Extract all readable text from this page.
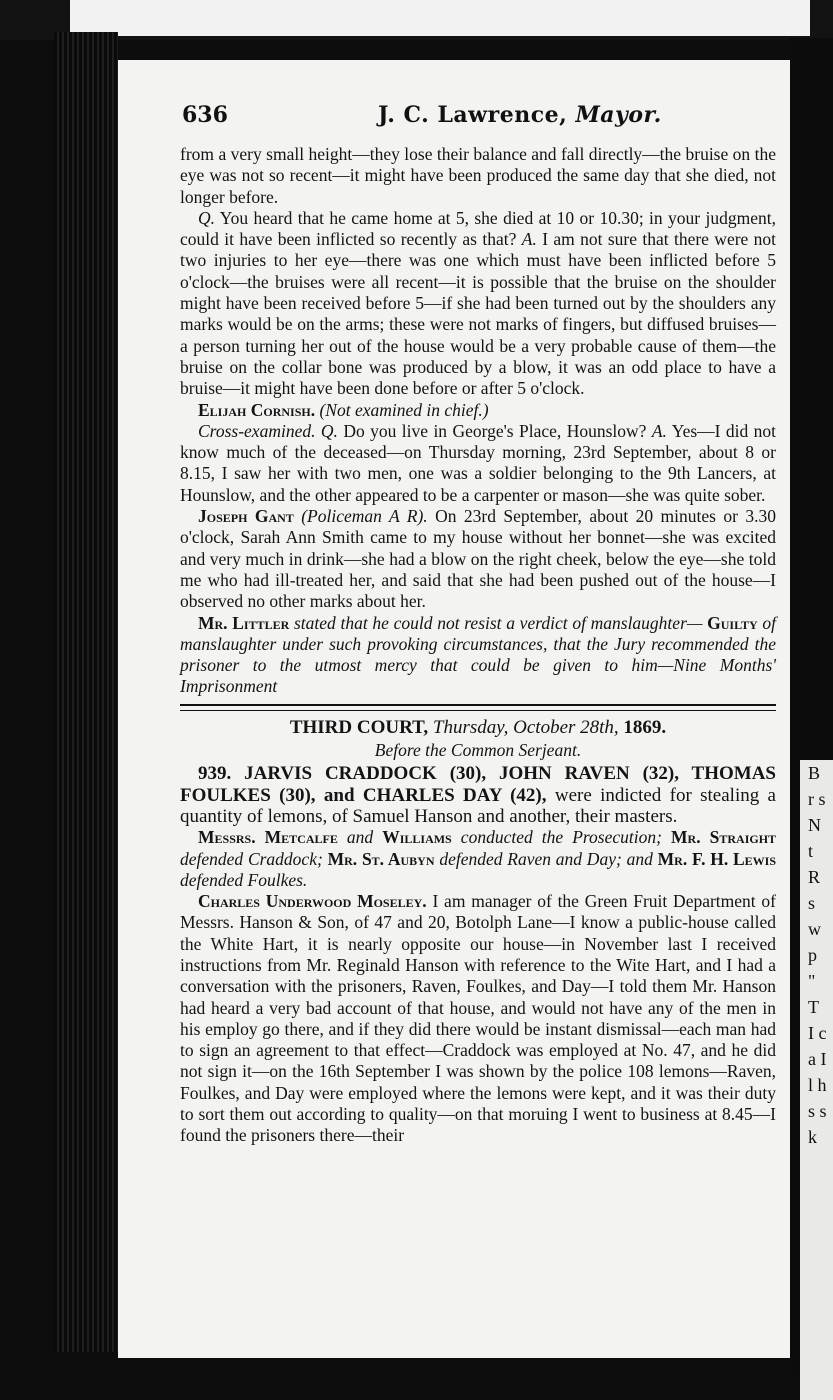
636	J. C. Lawrence, Mayor.

from a very small height—they lose their balance and fall directly—the bruise on the eye was not so recent—it might have been produced the same day that she died, not longer before.

Q. You heard that he came home at 5, she died at 10 or 10.30; in your judgment, could it have been inflicted so recently as that? A. I am not sure that there were not two injuries to her eye—there was one which must have been inflicted before 5 o'clock—the bruises were all recent—it is possible that the bruise on the shoulder might have been received before 5—if she had been turned out by the shoulders any marks would be on the arms; these were not marks of fingers, but diffused bruises—a person turning her out of the house would be a very probable cause of them—the bruise on the collar bone was produced by a blow, it was an odd place to have a bruise—it might have been done before or after 5 o'clock.

Elijah Cornish. (Not examined in chief.)

Cross-examined. Q. Do you live in George's Place, Hounslow? A. Yes—I did not know much of the deceased—on Thursday morning, 23rd September, about 8 or 8.15, I saw her with two men, one was a soldier belonging to the 9th Lancers, at Hounslow, and the other appeared to be a carpenter or mason—she was quite sober.

Joseph Gant (Policeman A R). On 23rd September, about 20 minutes or 3.30 o'clock, Sarah Ann Smith came to my house without her bonnet—she was excited and very much in drink—she had a blow on the right cheek, below the eye—she told me who had ill-treated her, and said that she had been pushed out of the house—I observed no other marks about her.

Mr. Littler stated that he could not resist a verdict of manslaughter— Guilty of manslaughter under such provoking circumstances, that the Jury recommended the prisoner to the utmost mercy that could be given to him—Nine Months' Imprisonment

THIRD COURT, Thursday, October 28th, 1869.
Before the Common Serjeant.

939. JARVIS CRADDOCK (30), JOHN RAVEN (32), THOMAS FOULKES (30), and CHARLES DAY (42), were indicted for stealing a quantity of lemons, of Samuel Hanson and another, their masters.

Messrs. Metcalfe and Williams conducted the Prosecution; Mr. Straight defended Craddock; Mr. St. Aubyn defended Raven and Day; and Mr. F. H. Lewis defended Foulkes.

Charles Underwood Moseley. I am manager of the Green Fruit Department of Messrs. Hanson & Son, of 47 and 20, Botolph Lane—I know a public-house called the White Hart, it is nearly opposite our house—in November last I received instructions from Mr. Reginald Hanson with reference to the Wite Hart, and I had a conversation with the prisoners, Raven, Foulkes, and Day—I told them Mr. Hanson had heard a very bad account of that house, and would not have any of the men in his employ go there, and if they did there would be instant dismissal—each man had to sign an agreement to that effect—Craddock was employed at No. 47, and he did not sign it—on the 16th September I was shown by the police 108 lemons—Raven, Foulkes, and Day were employed where the lemons were kept, and it was their duty to sort them out according to quality—on that moruing I went to business at 8.45—I found the prisoners there—their

B r s N t R s w p " T I c a I l h s s k
